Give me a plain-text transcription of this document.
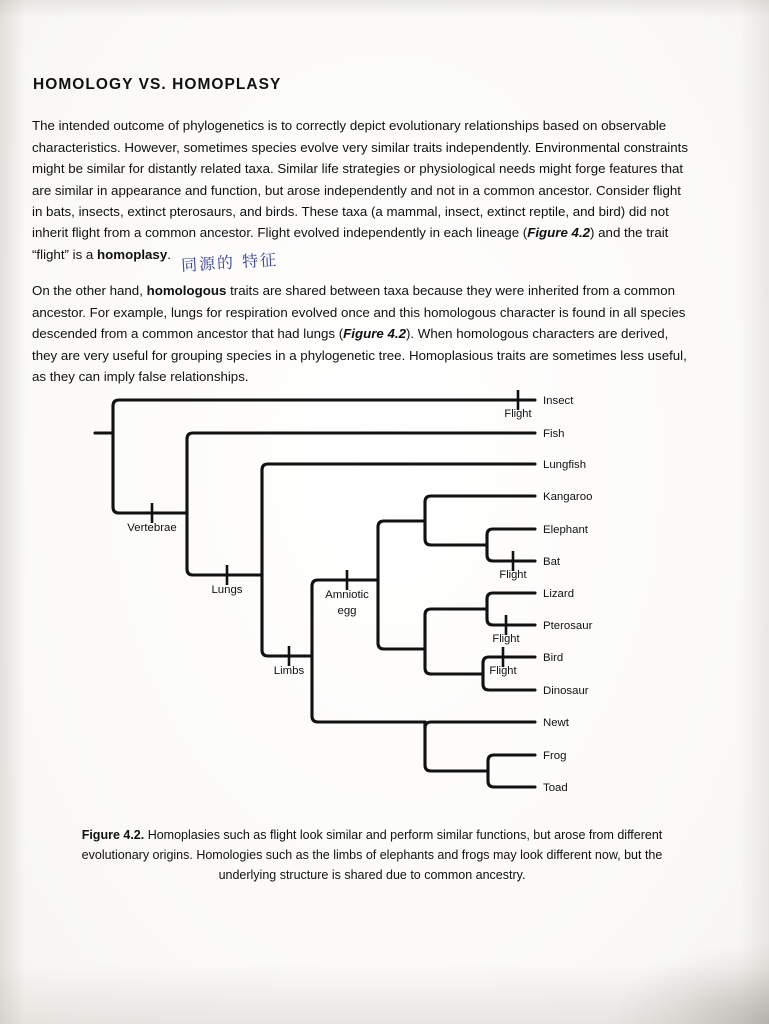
HOMOLOGY VS. HOMOPLASY

The intended outcome of phylogenetics is to correctly depict evolutionary relationships based on observable characteristics. However, sometimes species evolve very similar traits independently. Environmental constraints might be similar for distantly related taxa. Similar life strategies or physiological needs might forge features that are similar in appearance and function, but arose independently and not in a common ancestor. Consider flight in bats, insects, extinct pterosaurs, and birds. These taxa (a mammal, insect, extinct reptile, and bird) did not inherit flight from a common ancestor. Flight evolved independently in each lineage (Figure 4.2) and the trait “flight” is a homoplasy.

On the other hand, homologous traits are shared between taxa because they were inherited from a common ancestor. For example, lungs for respiration evolved once and this homologous character is found in all species descended from a common ancestor that had lungs (Figure 4.2). When homologous characters are derived, they are very useful for grouping species in a phylogenetic tree. Homoplasious traits are sometimes less useful, as they can imply false relationships.

同源的 特征
Insect
Fish
Lungfish
Kangaroo
Elephant
Bat
Lizard
Pterosaur
Bird
Dinosaur
Newt
Frog
Toad
Vertebrae
Lungs	Amniotic
egg
Limbs
Flight
Flight
Flight
Flight

Figure 4.2. Homoplasies such as flight look similar and perform similar functions, but arose from different evolutionary origins. Homologies such as the limbs of elephants and frogs may look different now, but the underlying structure is shared due to common ancestry.
